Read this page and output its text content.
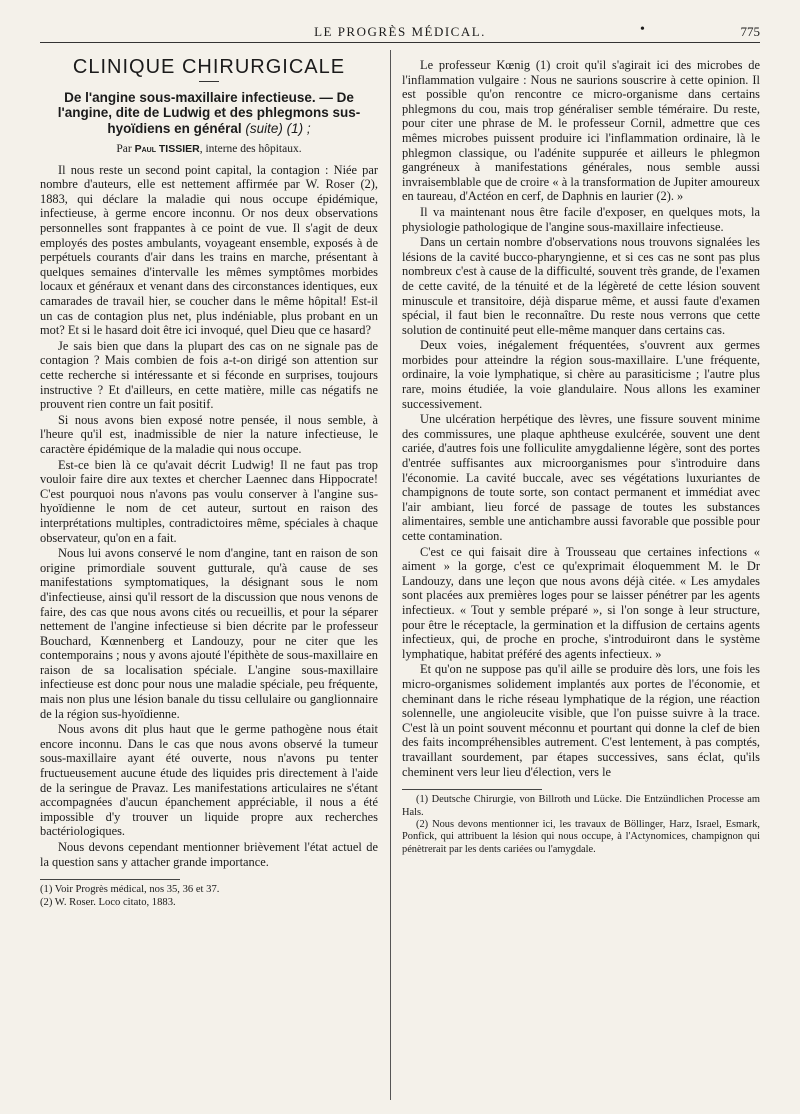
LE PROGRÈS MÉDICAL.	•	775
CLINIQUE CHIRURGICALE
De l'angine sous-maxillaire infectieuse. — De l'angine, dite de Ludwig et des phlegmons sus-hyoïdiens en général (suite) (1) ;
Par Paul TISSIER, interne des hôpitaux.

Il nous reste un second point capital, la contagion : Niée par nombre d'auteurs, elle est nettement affirmée par W. Roser (2), 1883, qui déclare la maladie qui nous occupe épidémique, infectieuse, à germe encore inconnu. Or nos deux observations personnelles sont frappantes à ce point de vue. Il s'agit de deux employés des postes ambulants, voyageant ensemble, exposés à de perpétuels courants d'air dans les trains en marche, présentant à quelques semaines d'intervalle les mêmes symptômes morbides locaux et généraux et venant dans des circonstances identiques, eux camarades de travail hier, se coucher dans le même hôpital! Est-il un cas de contagion plus net, plus indéniable, plus probant en un mot? Et si le hasard doit être ici invoqué, quel Dieu que ce hasard?

Je sais bien que dans la plupart des cas on ne signale pas de contagion ? Mais combien de fois a-t-on dirigé son attention sur cette recherche si intéressante et si féconde en surprises, toujours instructive ? Et d'ailleurs, en cette matière, mille cas négatifs ne prouvent rien contre un fait positif.

Si nous avons bien exposé notre pensée, il nous semble, à l'heure qu'il est, inadmissible de nier la nature infectieuse, le caractère épidémique de la maladie qui nous occupe.

Est-ce bien là ce qu'avait décrit Ludwig! Il ne faut pas trop vouloir faire dire aux textes et chercher Laennec dans Hippocrate! C'est pourquoi nous n'avons pas voulu conserver à l'angine sus-hyoïdienne le nom de cet auteur, surtout en raison des interprétations multiples, contradictoires même, spéciales à chaque observateur, qu'on en a fait.

Nous lui avons conservé le nom d'angine, tant en raison de son origine primordiale souvent gutturale, qu'à cause de ses manifestations symptomatiques, la désignant sous le nom d'infectieuse, ainsi qu'il ressort de la discussion que nous venons de faire, des cas que nous avons cités ou recueillis, et pour la séparer nettement de l'angine infectieuse si bien décrite par le professeur Bouchard, Kœnnenberg et Landouzy, pour ne citer que les contemporains ; nous y avons ajouté l'épithète de sous-maxillaire en raison de sa localisation spéciale. L'angine sous-maxillaire infectieuse est donc pour nous une maladie spéciale, peu fréquente, mais non plus une lésion banale du tissu cellulaire ou ganglionnaire de la région sus-hyoïdienne.

Nous avons dit plus haut que le germe pathogène nous était encore inconnu. Dans le cas que nous avons observé la tumeur sous-maxillaire ayant été ouverte, nous n'avons pu tenter fructueusement aucune étude des liquides pris directement à l'aide de la seringue de Pravaz. Les manifestations articulaires ne s'étant accompagnées d'aucun épanchement appréciable, il nous a été impossible d'y trouver un liquide propre aux recherches bactériologiques.

Nous devons cependant mentionner brièvement l'état actuel de la question sans y attacher grande importance.

(1) Voir Progrès médical, nos 35, 36 et 37.
(2) W. Roser. Loco citato, 1883.

Le professeur Kœnig (1) croit qu'il s'agirait ici des microbes de l'inflammation vulgaire : Nous ne saurions souscrire à cette opinion. Il est possible qu'on rencontre ce micro-organisme dans certains phlegmons du cou, mais trop généraliser semble téméraire. Du reste, pour citer une phrase de M. le professeur Cornil, admettre que ces mêmes microbes puissent produire ici l'inflammation ordinaire, là le phlegmon classique, ou l'adénite suppurée et ailleurs le phlegmon gangréneux à manifestations générales, nous semble aussi invraisemblable que de croire « à la transformation de Jupiter amoureux en taureau, d'Actéon en cerf, de Daphnis en laurier (2). »

Il va maintenant nous être facile d'exposer, en quelques mots, la physiologie pathologique de l'angine sous-maxillaire infectieuse.

Dans un certain nombre d'observations nous trouvons signalées les lésions de la cavité bucco-pharyngienne, et si ces cas ne sont pas plus nombreux c'est à cause de la difficulté, souvent très grande, de l'examen de cette cavité, de la ténuité et de la légèreté de cette lésion souvent minuscule et transitoire, déjà disparue même, et aussi faute d'examen spécial, il faut bien le reconnaître. Du reste nous verrons que cette solution de continuité peut elle-même manquer dans certains cas.

Deux voies, inégalement fréquentées, s'ouvrent aux germes morbides pour atteindre la région sous-maxillaire. L'une fréquente, ordinaire, la voie lymphatique, si chère au parasiticisme ; l'autre plus rare, moins étudiée, la voie glandulaire. Nous allons les examiner successivement.

Une ulcération herpétique des lèvres, une fissure souvent minime des commissures, une plaque aphtheuse exulcérée, souvent une dent cariée, d'autres fois une folliculite amygdalienne légère, sont des portes d'entrée suffisantes aux microorganismes pour s'introduire dans l'économie. La cavité buccale, avec ses végétations luxuriantes de champignons de toute sorte, son contact permanent et immédiat avec l'air ambiant, lieu forcé de passage de toutes les substances alimentaires, semble une antichambre aussi favorable que possible pour cette contamination.

C'est ce qui faisait dire à Trousseau que certaines infections « aiment » la gorge, c'est ce qu'exprimait éloquemment M. le Dr Landouzy, dans une leçon que nous avons déjà citée. « Les amydales sont placées aux premières loges pour se laisser pénétrer par les agents infectieux. « Tout y semble préparé », si l'on songe à leur structure, pour être le réceptacle, la germination et la diffusion de certains agents infectieux, qui, de proche en proche, s'introduiront dans le système lymphatique, habitat préféré des agents infectieux. »

Et qu'on ne suppose pas qu'il aille se produire dès lors, une fois les micro-organismes solidement implantés aux portes de l'économie, et cheminant dans le riche réseau lymphatique de la région, une réaction solennelle, une angioleucite visible, que l'on puisse suivre à la trace. C'est là un point souvent méconnu et pourtant qui donne la clef de bien des faits incompréhensibles autrement. C'est lentement, à pas comptés, travaillant sourdement, par étapes successives, sans éclat, qu'ils cheminent vers leur lieu d'élection, vers le

(1) Deutsche Chirurgie, von Billroth und Lücke. Die Entzündlichen Processe am Hals.
(2) Nous devons mentionner ici, les travaux de Böllinger, Harz, Israel, Esmark, Ponfick, qui attribuent la lésion qui nous occupe, à l'Actynomices, champignon qui pénètrerait par les dents cariées ou l'amygdale.
